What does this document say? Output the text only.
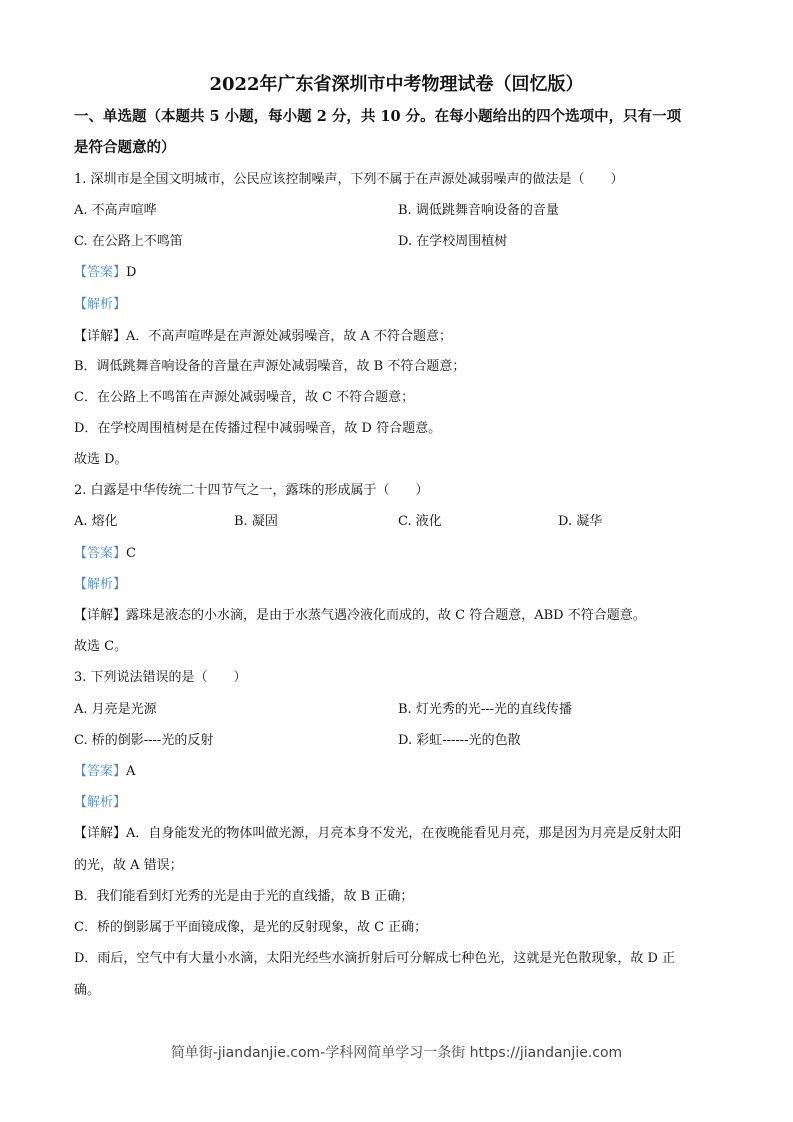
2022年广东省深圳市中考物理试卷（回忆版）
一、单选题（本题共 5 小题，每小题 2 分，共 10 分。在每小题给出的四个选项中，只有一项
是符合题意的）
1. 深圳市是全国文明城市，公民应该控制噪声，下列不属于在声源处减弱噪声的做法是（　　）
A. 不高声喧哗	B. 调低跳舞音响设备的音量
C. 在公路上不鸣笛	D. 在学校周围植树
【答案】D
【解析】
【详解】A．不高声喧哗是在声源处减弱噪音，故 A 不符合题意；
B．调低跳舞音响设备的音量在声源处减弱噪音，故 B 不符合题意；
C．在公路上不鸣笛在声源处减弱噪音，故 C 不符合题意；
D．在学校周围植树是在传播过程中减弱噪音，故 D 符合题意。
故选 D。
2. 白露是中华传统二十四节气之一，露珠的形成属于（　　）
A. 熔化	B. 凝固	C. 液化	D. 凝华
【答案】C
【解析】
【详解】露珠是液态的小水滴，是由于水蒸气遇冷液化而成的，故 C 符合题意，ABD 不符合题意。
故选 C。
3. 下列说法错误的是（　　）
A. 月亮是光源	B. 灯光秀的光---光的直线传播
C. 桥的倒影----光的反射	D. 彩虹------光的色散
【答案】A
【解析】
【详解】A．自身能发光的物体叫做光源，月亮本身不发光，在夜晚能看见月亮，那是因为月亮是反射太阳
的光，故 A 错误；
B．我们能看到灯光秀的光是由于光的直线播，故 B 正确；
C．桥的倒影属于平面镜成像，是光的反射现象，故 C 正确；
D．雨后，空气中有大量小水滴，太阳光经些水滴折射后可分解成七种色光，这就是光色散现象，故 D 正
确。
简单街-jiandanjie.com-学科网简单学习一条街 https://jiandanjie.com
